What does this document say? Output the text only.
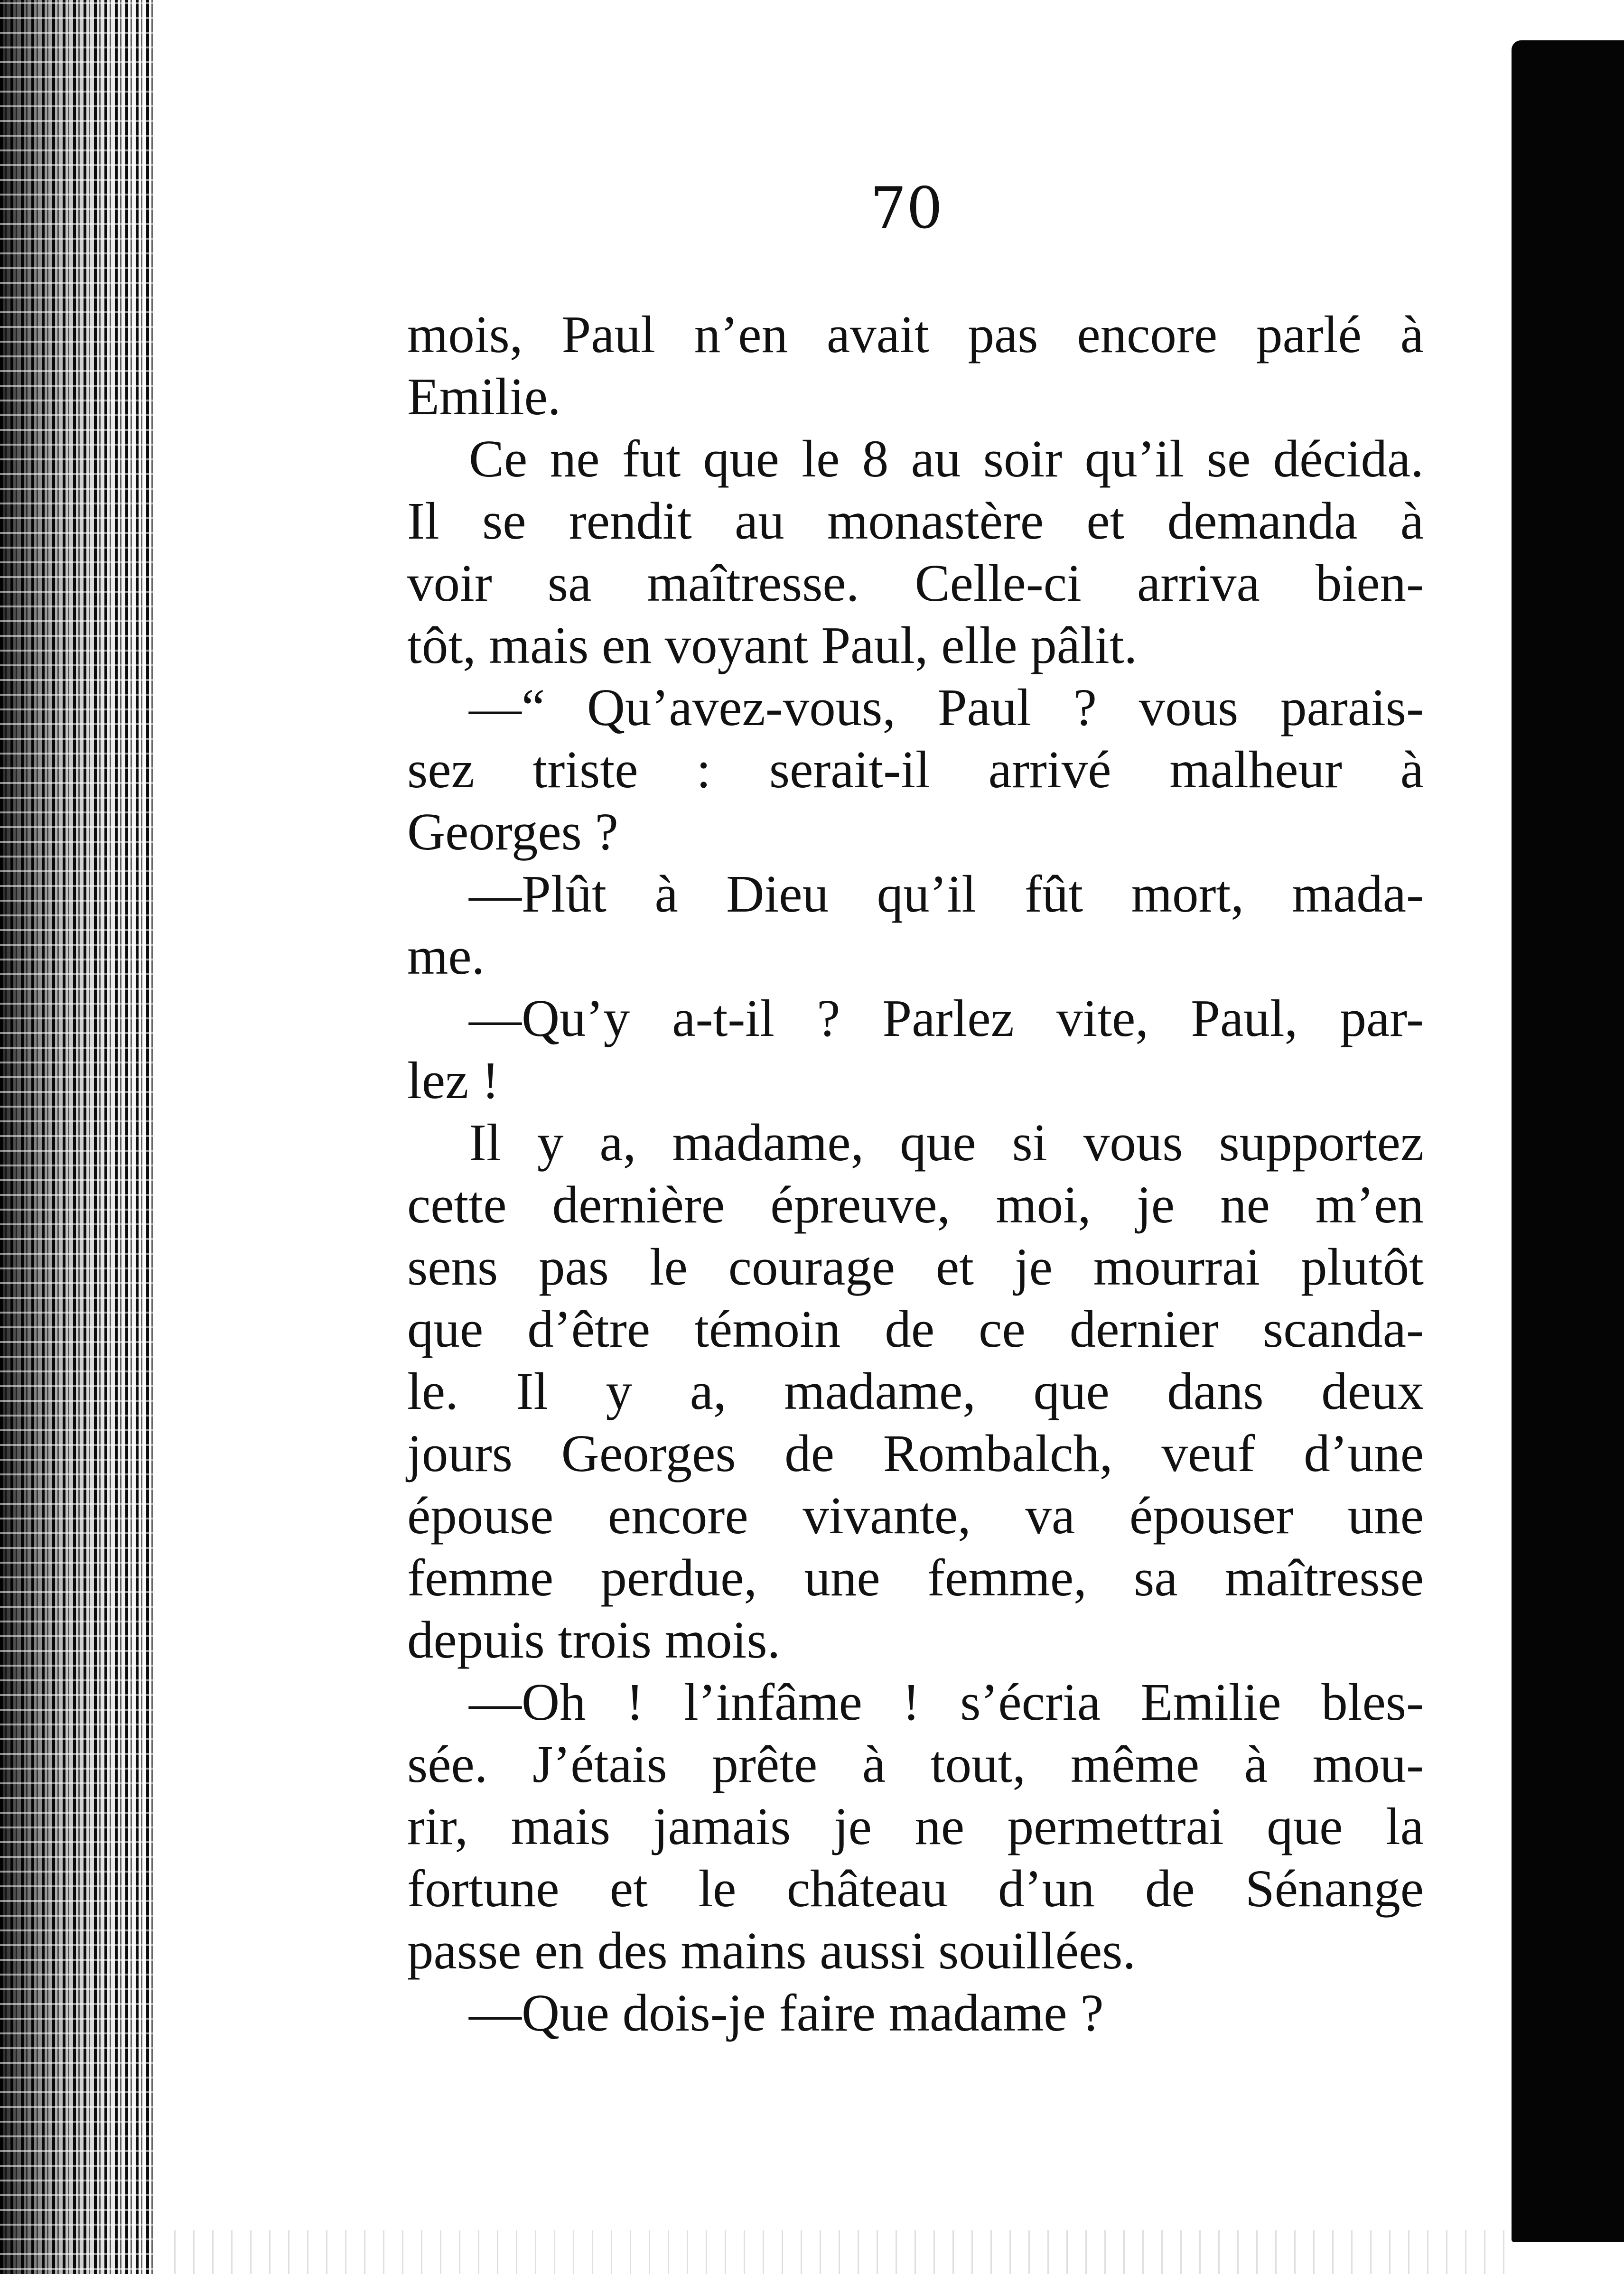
70
mois, Paul n’en avait pas encore parlé à
Emilie.
Ce ne fut que le 8 au soir qu’il se décida.
Il se rendit au monastère et demanda à
voir sa maîtresse. Celle-ci arriva bien-
tôt, mais en voyant Paul, elle pâlit.
—“ Qu’avez-vous, Paul ? vous parais-
sez triste : serait-il arrivé malheur à
Georges ?
—Plût à Dieu qu’il fût mort, mada-
me.
—Qu’y a-t-il ? Parlez vite, Paul, par-
lez !
Il y a, madame, que si vous supportez
cette dernière épreuve, moi, je ne m’en
sens pas le courage et je mourrai plutôt
que d’être témoin de ce dernier scanda-
le. Il y a, madame, que dans deux
jours Georges de Rombalch, veuf d’une
épouse encore vivante, va épouser une
femme perdue, une femme, sa maîtresse
depuis trois mois.
—Oh ! l’infâme ! s’écria Emilie bles-
sée. J’étais prête à tout, même à mou-
rir, mais jamais je ne permettrai que la
fortune et le château d’un de Sénange
passe en des mains aussi souillées.
—Que dois-je faire madame ?
